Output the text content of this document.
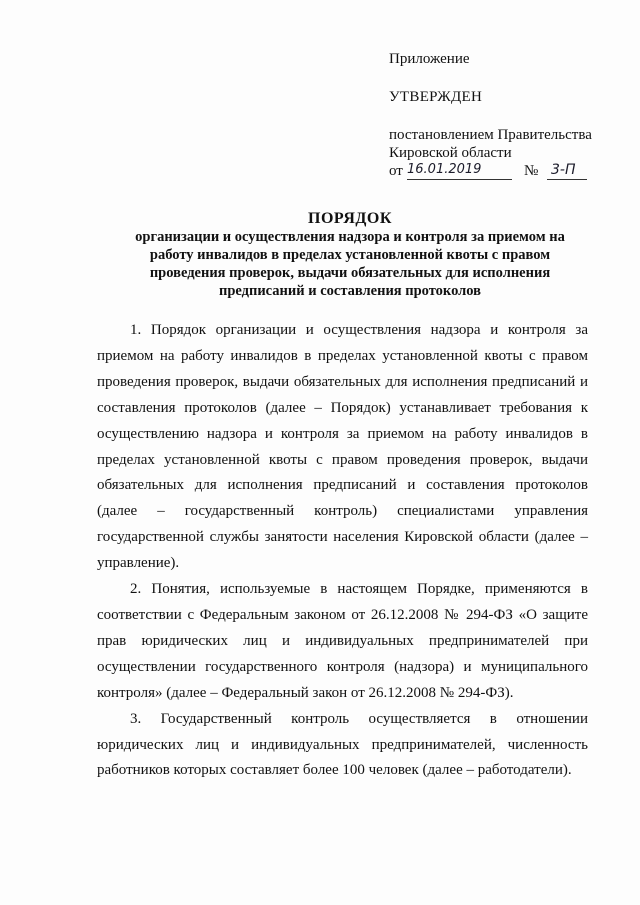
Приложение
УТВЕРЖДЕН
постановлением Правительства
Кировской области
от 16.01.2019	№ 3-П
ПОРЯДОК
организации и осуществления надзора и контроля за приемом на работу инвалидов в пределах установленной квоты с правом проведения проверок, выдачи обязательных для исполнения предписаний и составления протоколов

1. Порядок организации и осуществления надзора и контроля за приемом на работу инвалидов в пределах установленной квоты с правом проведения проверок, выдачи обязательных для исполнения предписаний и составления протоколов (далее – Порядок) устанавливает требования к осуществлению надзора и контроля за приемом на работу инвалидов в пределах установленной квоты с правом проведения проверок, выдачи обязательных для исполнения предписаний и составления протоколов (далее – государственный контроль) специалистами управления государственной службы занятости населения Кировской области (далее – управление).

2. Понятия, используемые в настоящем Порядке, применяются в соответствии с Федеральным законом от 26.12.2008 № 294-ФЗ «О защите прав юридических лиц и индивидуальных предпринимателей при осуществлении государственного контроля (надзора) и муниципального контроля» (далее – Федеральный закон от 26.12.2008 № 294-ФЗ).

3. Государственный контроль осуществляется в отношении юридических лиц и индивидуальных предпринимателей, численность работников которых составляет более 100 человек (далее – работодатели).
